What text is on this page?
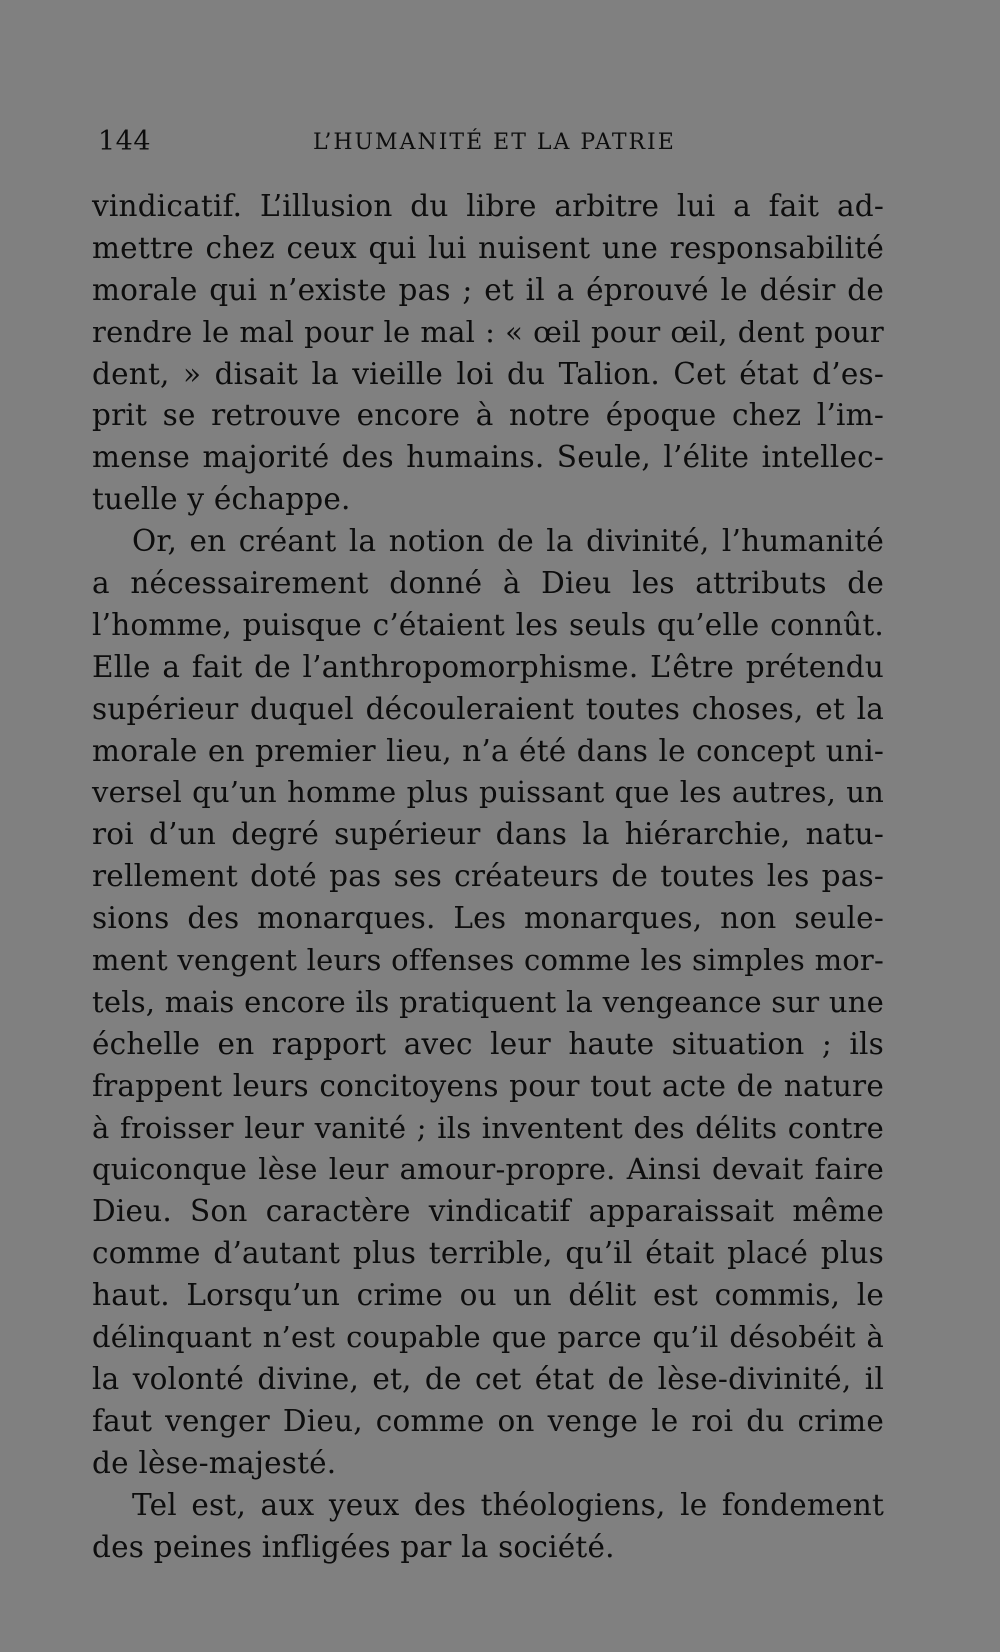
144	L’HUMANITÉ ET LA PATRIE
vindicatif. L’illusion du libre arbitre lui a fait ad-
mettre chez ceux qui lui nuisent une responsabilité
morale qui n’existe pas ; et il a éprouvé le désir de
rendre le mal pour le mal : « œil pour œil, dent pour
dent, » disait la vieille loi du Talion. Cet état d’es-
prit se retrouve encore à notre époque chez l’im-
mense majorité des humains. Seule, l’élite intellec-
tuelle y échappe.
Or, en créant la notion de la divinité, l’humanité
a nécessairement donné à Dieu les attributs de
l’homme, puisque c’étaient les seuls qu’elle connût.
Elle a fait de l’anthropomorphisme. L’être prétendu
supérieur duquel découleraient toutes choses, et la
morale en premier lieu, n’a été dans le concept uni-
versel qu’un homme plus puissant que les autres, un
roi d’un degré supérieur dans la hiérarchie, natu-
rellement doté pas ses créateurs de toutes les pas-
sions des monarques. Les monarques, non seule-
ment vengent leurs offenses comme les simples mor-
tels, mais encore ils pratiquent la vengeance sur une
échelle en rapport avec leur haute situation ; ils
frappent leurs concitoyens pour tout acte de nature
à froisser leur vanité ; ils inventent des délits contre
quiconque lèse leur amour-propre. Ainsi devait faire
Dieu. Son caractère vindicatif apparaissait même
comme d’autant plus terrible, qu’il était placé plus
haut. Lorsqu’un crime ou un délit est commis, le
délinquant n’est coupable que parce qu’il désobéit à
la volonté divine, et, de cet état de lèse-divinité, il
faut venger Dieu, comme on venge le roi du crime
de lèse-majesté.
Tel est, aux yeux des théologiens, le fondement
des peines infligées par la société.
